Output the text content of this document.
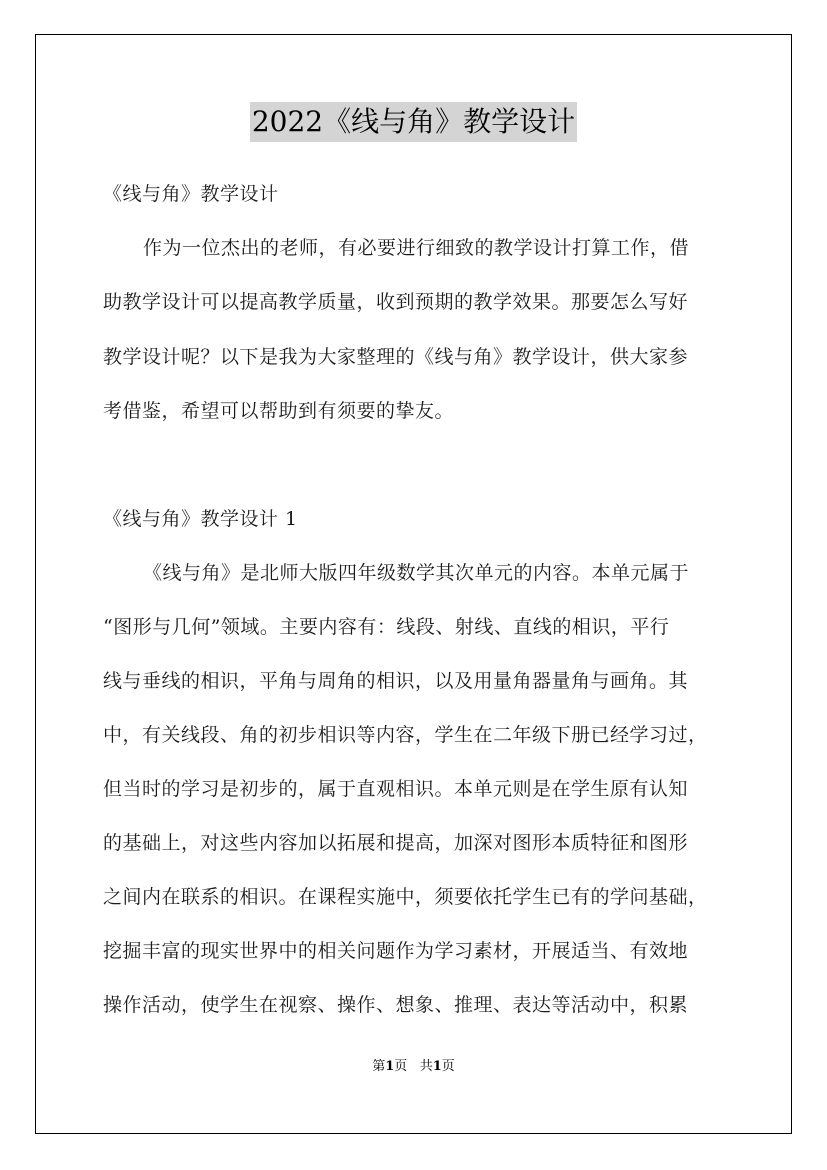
2022《线与角》教学设计
《线与角》教学设计
作为一位杰出的老师，有必要进行细致的教学设计打算工作，借
助教学设计可以提高教学质量，收到预期的教学效果。那要怎么写好
教学设计呢？以下是我为大家整理的《线与角》教学设计，供大家参
考借鉴，希望可以帮助到有须要的挚友。
《线与角》教学设计 1
《线与角》是北师大版四年级数学其次单元的内容。本单元属于
“图形与几何”领域。主要内容有：线段、射线、直线的相识，平行
线与垂线的相识，平角与周角的相识，以及用量角器量角与画角。其
中，有关线段、角的初步相识等内容，学生在二年级下册已经学习过，
但当时的学习是初步的，属于直观相识。本单元则是在学生原有认知
的基础上，对这些内容加以拓展和提高，加深对图形本质特征和图形
之间内在联系的相识。在课程实施中，须要依托学生已有的学问基础，
挖掘丰富的现实世界中的相关问题作为学习素材，开展适当、有效地
操作活动，使学生在视察、操作、想象、推理、表达等活动中，积累
第1页 共1页
